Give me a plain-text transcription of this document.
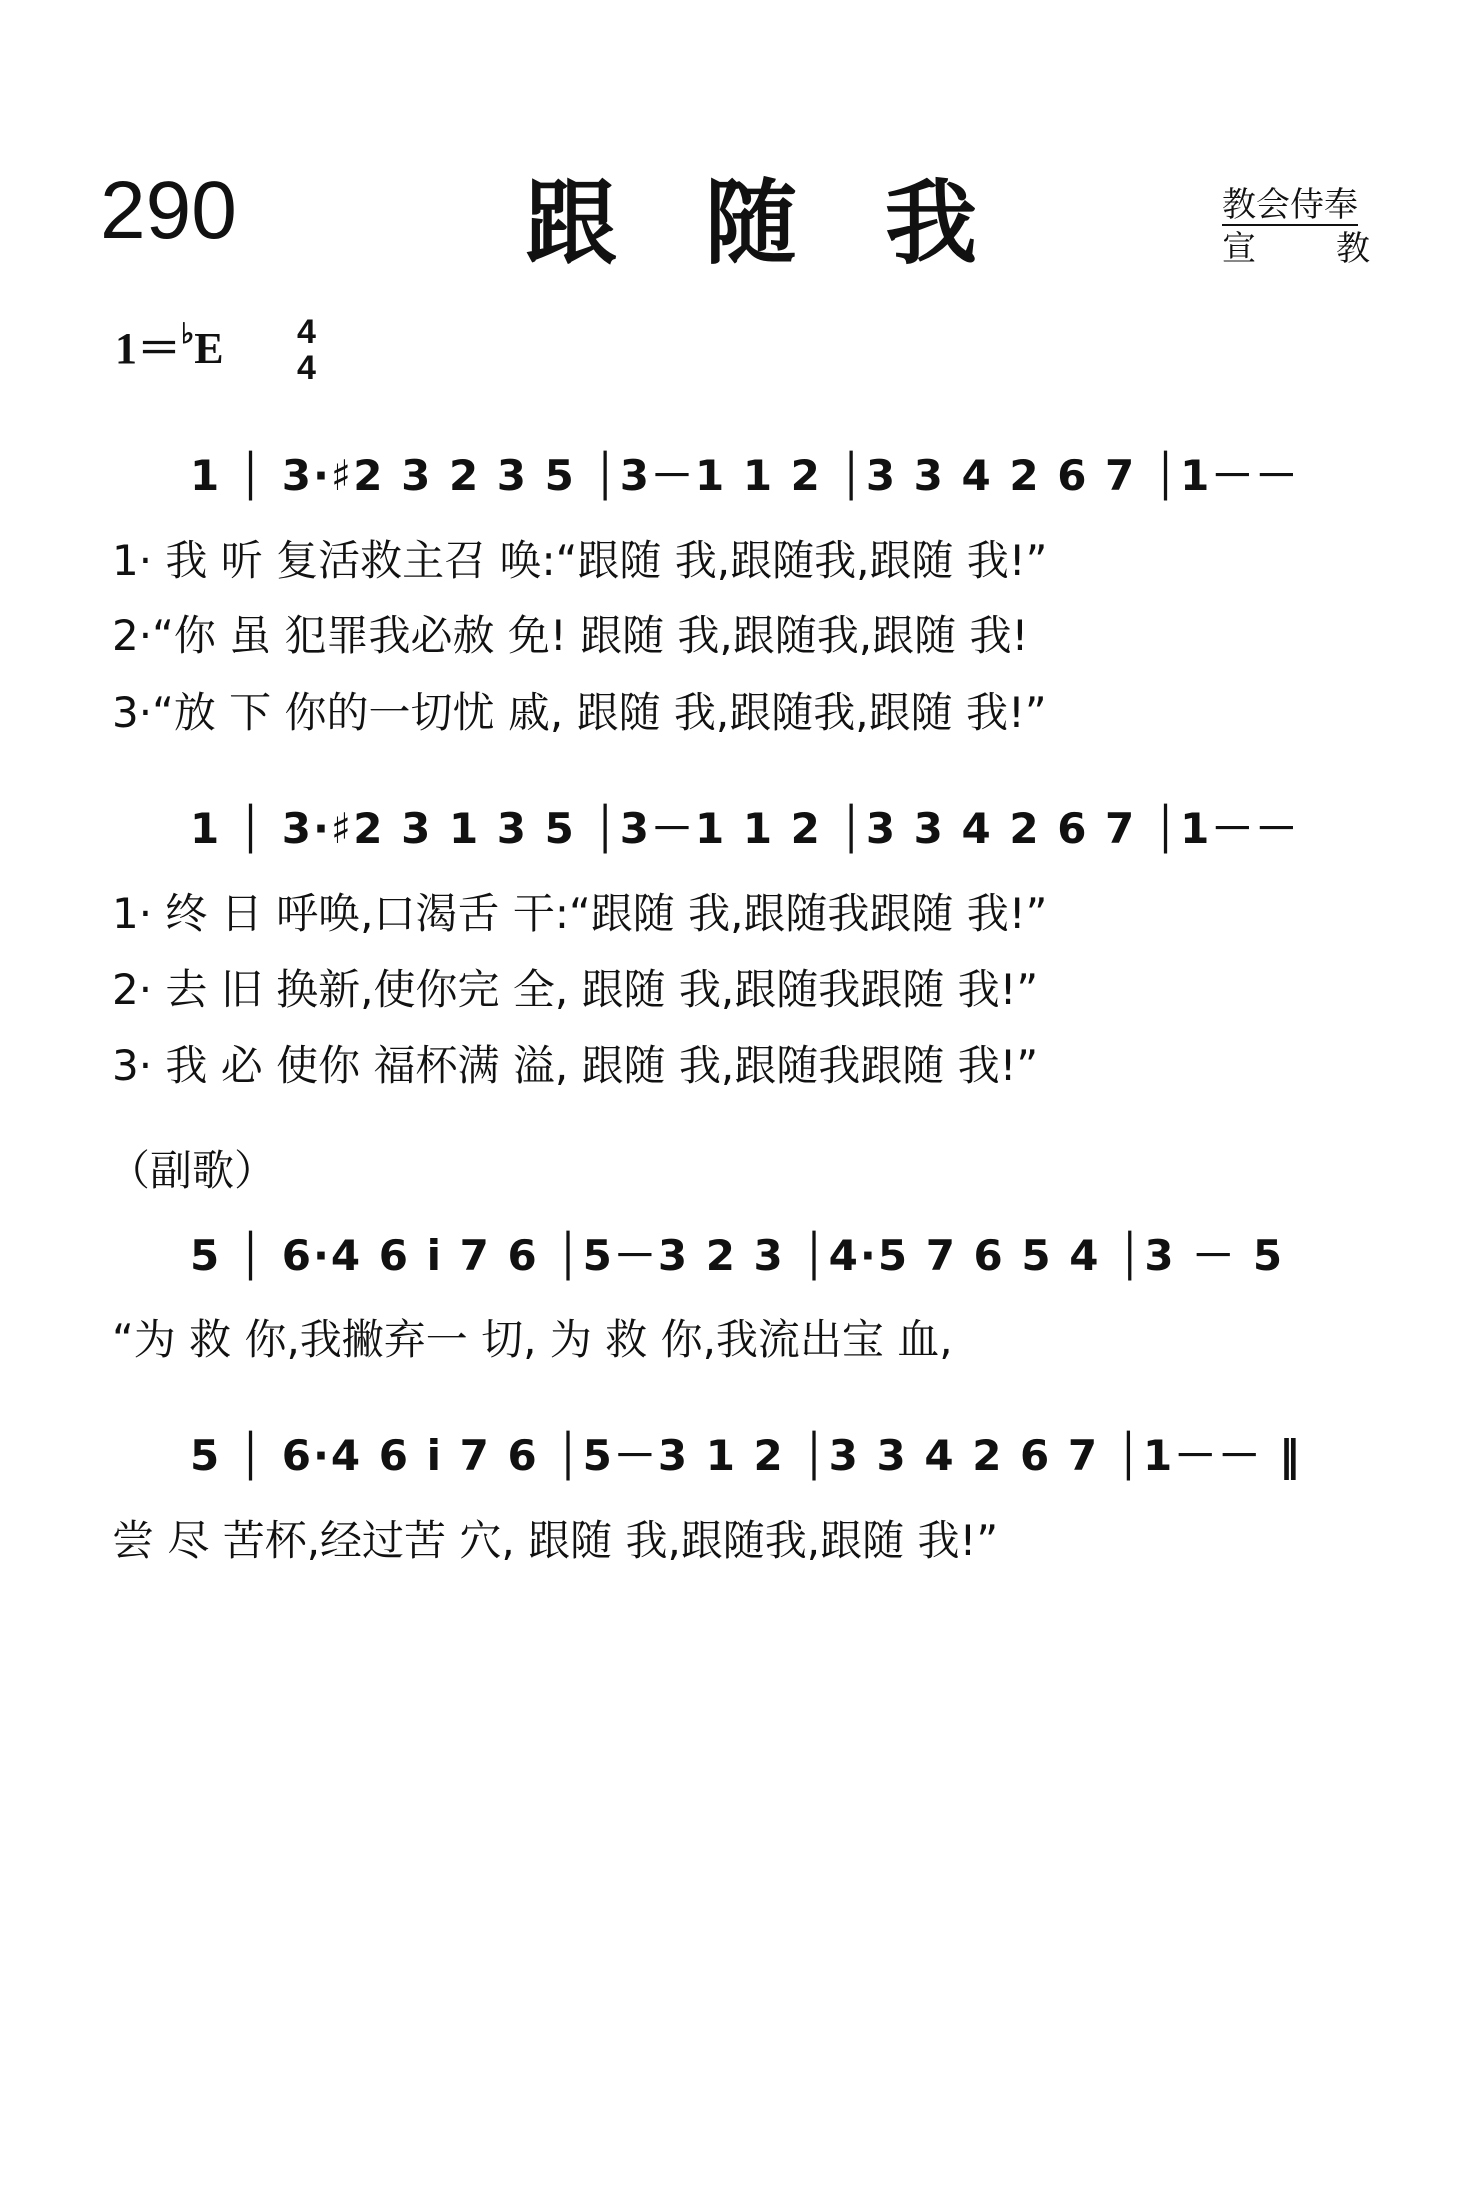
290	跟随我	教会侍奉
宣 教
1＝♭E 4
4
1 │ 3·♯2 3 2 3 5 │3－1 1 2 │3 3 4 2 6 7 │1－－
1· 我 听 复活救主召 唤:“跟随 我,跟随我,跟随 我!”
2·“你 虽 犯罪我必赦 免! 跟随 我,跟随我,跟随 我!
3·“放 下 你的一切忧 戚, 跟随 我,跟随我,跟随 我!”
1 │ 3·♯2 3 1 3 5 │3－1 1 2 │3 3 4 2 6 7 │1－－
1· 终 日 呼唤,口渴舌 干:“跟随 我,跟随我跟随 我!”
2· 去 旧 换新,使你完 全, 跟随 我,跟随我跟随 我!”
3· 我 必 使你 福杯满 溢, 跟随 我,跟随我跟随 我!”
（副歌）
5 │ 6·4 6 i 7 6 │5－3 2 3 │4·5 7 6 5 4 │3 － 5
“为 救 你,我撇弃一 切, 为 救 你,我流出宝 血,
5 │ 6·4 6 i 7 6 │5－3 1 2 │3 3 4 2 6 7 │1－－ ‖
尝 尽 苦杯,经过苦 穴, 跟随 我,跟随我,跟随 我!”
